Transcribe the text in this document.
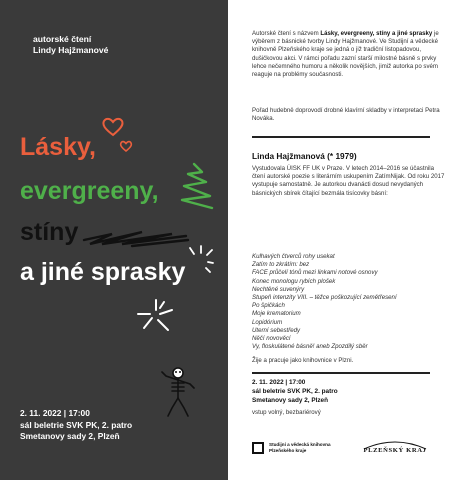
autorské čtení
Lindy Hajžmanové
Lásky,
evergreeny,
stíny
a jiné sprasky
2. 11. 2022 | 17:00
sál beletrie SVK PK, 2. patro
Smetanovy sady 2, Plzeň

Autorské čtení s názvem Lásky, evergreeny, stíny a jiné sprasky je výběrem z básnické tvorby Lindy Hajžmanové. Ve Studijní a vědecké knihovně Plzeňského kraje se jedná o již tradiční listopadovou, dušičkovou akci. V rámci pořadu zazní starší milostné básně s prvky lehce nečemného humoru a několik novějších, jimiž autorka po svém reaguje na problémy současnosti.

Pořad hudebně doprovodí drobné klavírní skladby v interpretaci Petra Nováka.

Linda Hajžmanová (* 1979)

Vystudovala ÚISK FF UK v Praze. V letech 2014–2016 se účastnila čtení autorské poezie s literárním uskupením ZatímNijak. Od roku 2017 vystupuje samostatně. Je autorkou dvanácti dosud nevydaných básnických sbírek čítající bezmála tisícovky básní:

Kulhavých čtverců rohy usekat
Zatím to zkrátím: bez
FACE průčelí tónů mezi linkami notové osnovy
Konec monologu rybích plošek
Nechtěné suvenýry
Stupeň intenzity VIII. – těžce poškozující zemětřesení
Po špičkách
Moje krematorium
Lopidórium
Uterní sebestředy
Něčí novověcí
Vy, floskulátené básně! aneb Zpozdilý sběr

Žije a pracuje jako knihovnice v Plzni.

2. 11. 2022 | 17:00
sál beletrie SVK PK, 2. patro
Smetanovy sady 2, Plzeň
vstup volný, bezbariérový
Studijní a vědecká knihovna
Plzeňského kraje	PLZEŇSKÝ KRAJ
